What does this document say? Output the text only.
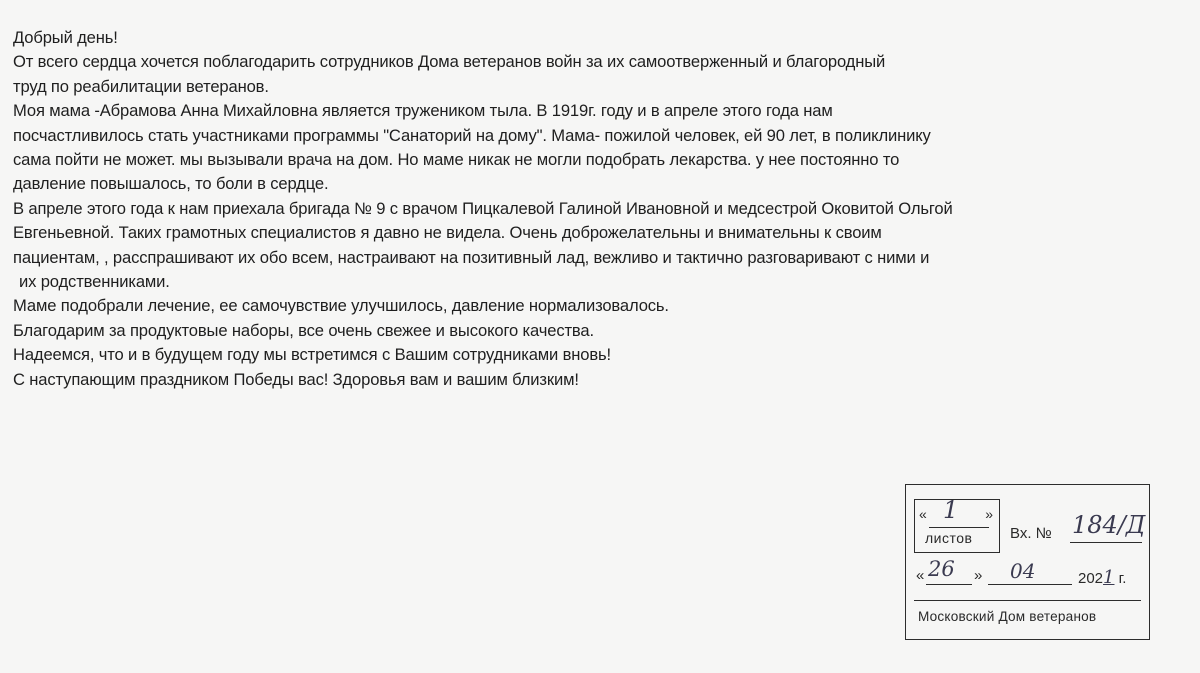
Добрый день!
От всего сердца хочется поблагодарить сотрудников Дома ветеранов войн за их самоотверженный и благородный
труд по реабилитации ветеранов.
Моя мама -Абрамова Анна Михайловна является тружеником тыла. В 1919г. году и в апреле этого года нам
посчастливилось стать участниками программы "Санаторий на дому". Мама- пожилой человек, ей 90 лет, в поликлинику
сама пойти не может. мы вызывали врача на дом. Но маме никак не могли подобрать лекарства. у нее постоянно то
давление повышалось, то боли в сердце.
В апреле этого года к нам приехала бригада № 9 с врачом Пицкалевой Галиной Ивановной и медсестрой Оковитой Ольгой
Евгеньевной. Таких грамотных специалистов я давно не видела. Очень доброжелательны и внимательны к своим
пациентам, , расспрашивают их обо всем, настраивают на позитивный лад, вежливо и тактично разговаривают с ними и
их родственниками.
Маме подобрали лечение, ее самочувствие улучшилось, давление нормализовалось.
Благодарим за продуктовые наборы, все очень свежее и высокого качества.
Надеемся, что и в будущем году мы встретимся с Вашим сотрудниками вновь!
С наступающим праздником Победы вас! Здоровья вам и вашим близким!
« 1 »
листов	Вх. № 184/Д
« 26 » 04	2021 г.
Московский Дом ветеранов
